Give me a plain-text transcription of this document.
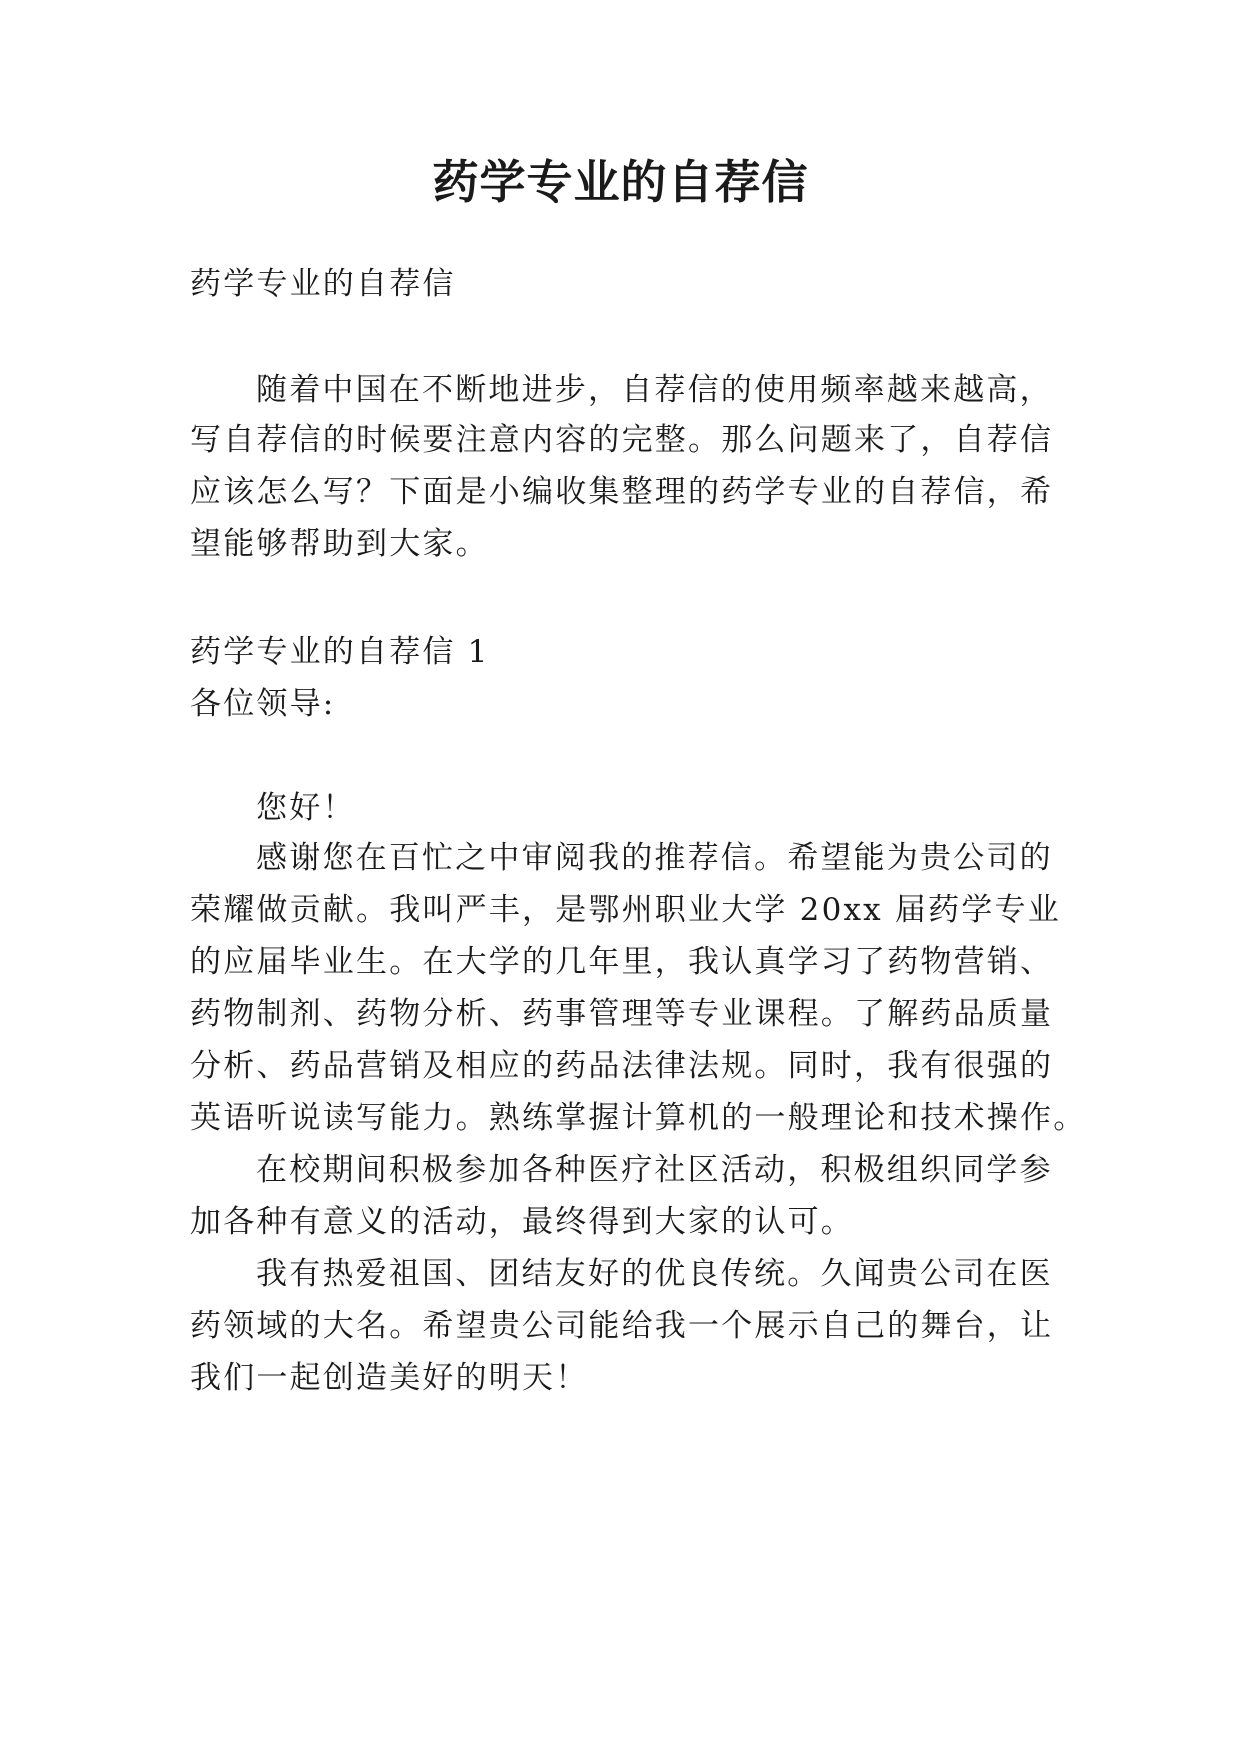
药学专业的自荐信

药学专业的自荐信

随着中国在不断地进步，自荐信的使用频率越来越高，

写自荐信的时候要注意内容的完整。那么问题来了，自荐信

应该怎么写？下面是小编收集整理的药学专业的自荐信，希

望能够帮助到大家。

药学专业的自荐信 1

各位领导:

您好！

感谢您在百忙之中审阅我的推荐信。希望能为贵公司的

荣耀做贡献。我叫严丰，是鄂州职业大学 20xx 届药学专业

的应届毕业生。在大学的几年里，我认真学习了药物营销、

药物制剂、药物分析、药事管理等专业课程。了解药品质量

分析、药品营销及相应的药品法律法规。同时，我有很强的

英语听说读写能力。熟练掌握计算机的一般理论和技术操作。

在校期间积极参加各种医疗社区活动，积极组织同学参

加各种有意义的活动，最终得到大家的认可。

我有热爱祖国、团结友好的优良传统。久闻贵公司在医

药领域的大名。希望贵公司能给我一个展示自己的舞台，让

我们一起创造美好的明天！
